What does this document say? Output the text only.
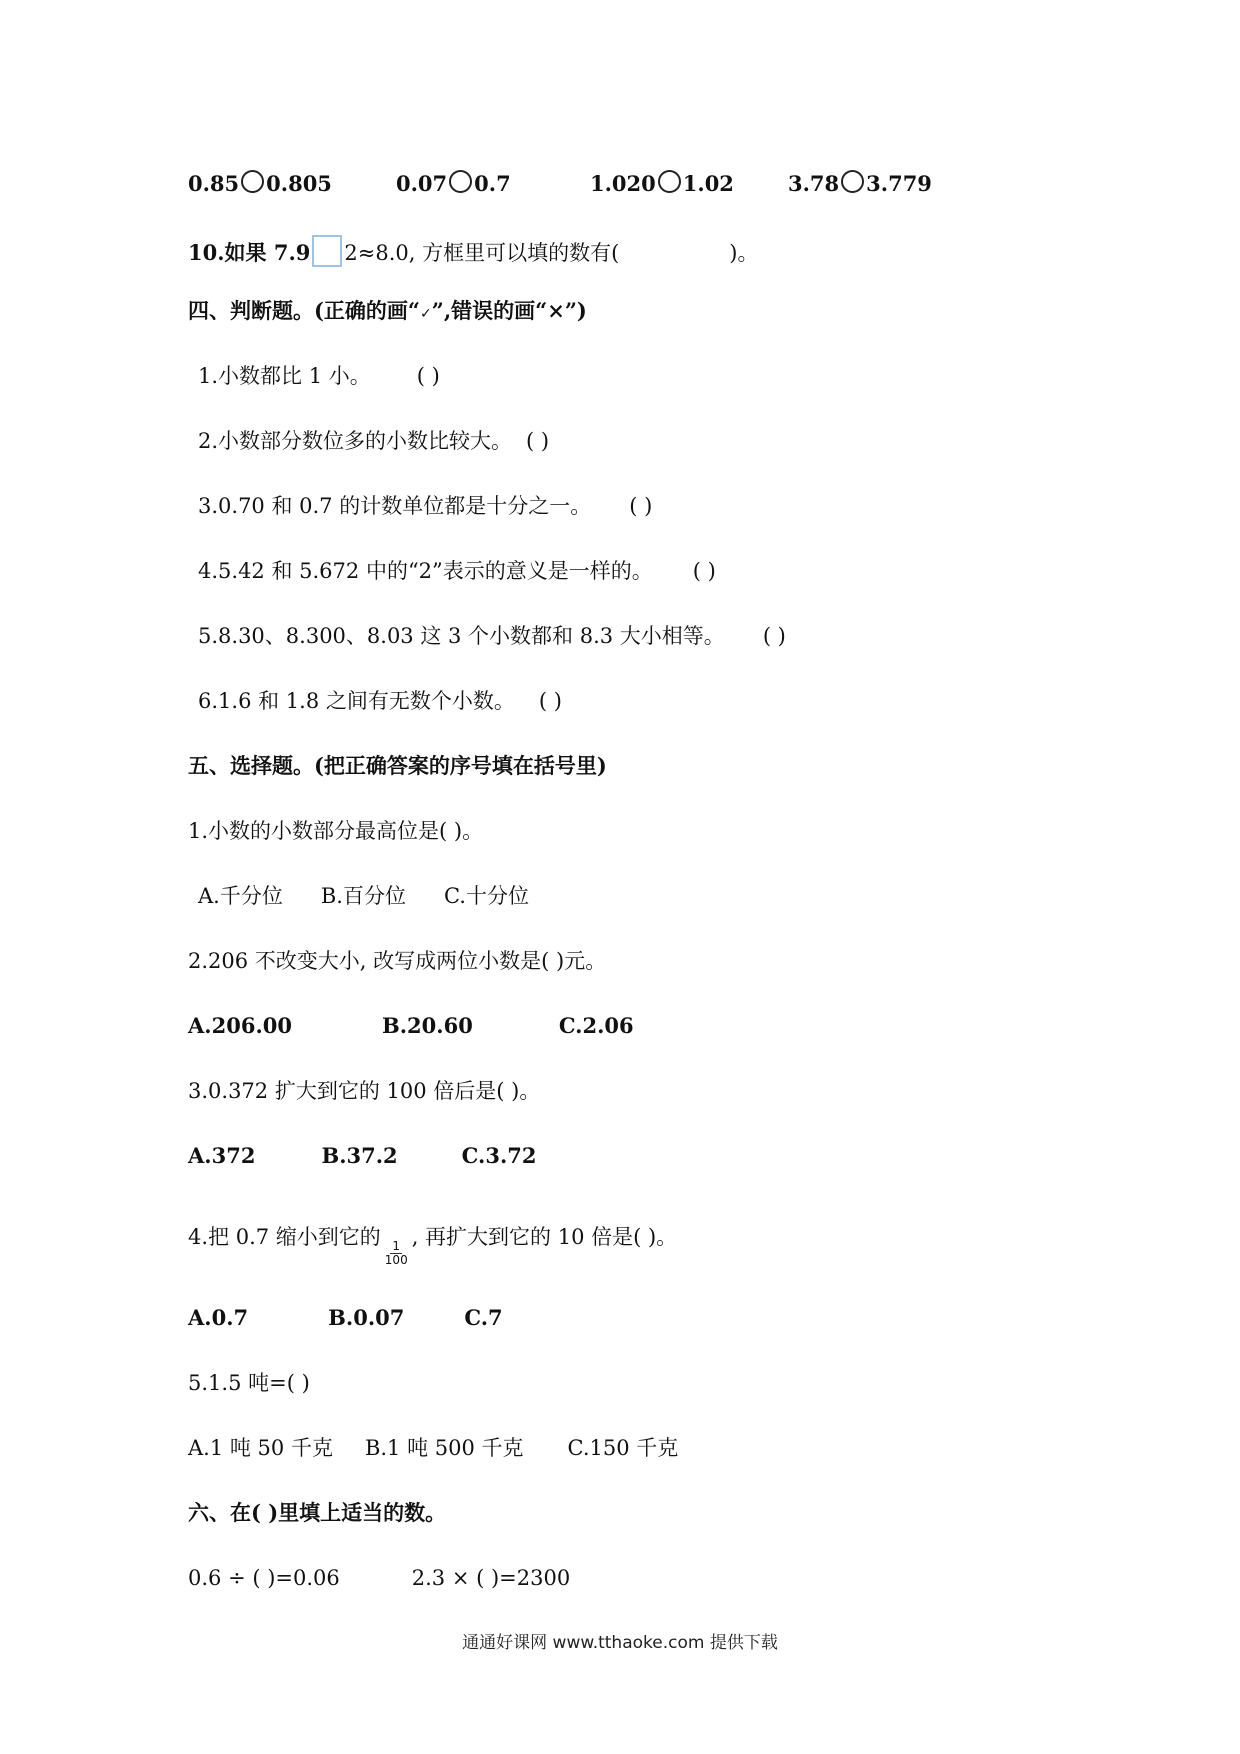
0.85 0.805	0.07 0.7	1.020 1.02	3.78 3.779
10.如果 7.9 2≈8.0, 方框里可以填的数有(	)。
四、判断题。(正确的画“✓”,错误的画“×”)
1.小数都比 1 小。 ( )
2.小数部分数位多的小数比较大。 ( )
3.0.70 和 0.7 的计数单位都是十分之一。 ( )
4.5.42 和 5.672 中的“2”表示的意义是一样的。 ( )
5.8.30、8.300、8.03 这 3 个小数都和 8.3 大小相等。 ( )
6.1.6 和 1.8 之间有无数个小数。 ( )
五、选择题。(把正确答案的序号填在括号里)
1.小数的小数部分最高位是( )。
A.千分位 B.百分位 C.十分位
2.206 不改变大小, 改写成两位小数是( )元。
A.206.00	B.20.60	C.2.06
3.0.372 扩大到它的 100 倍后是( )。
A.372	B.37.2	C.3.72
4.把 0.7 缩小到它的
$\frac{1}{100}$
, 再扩大到它的 10 倍是( )。
A.0.7	B.0.07	C.7
5.1.5 吨=( )
A.1 吨 50 千克 B.1 吨 500 千克 C.150 千克
六、在( )里填上适当的数。
0.6 ÷ ( )=0.06	2.3 × ( )=2300
通通好课网 www.tthaoke.com 提供下载
